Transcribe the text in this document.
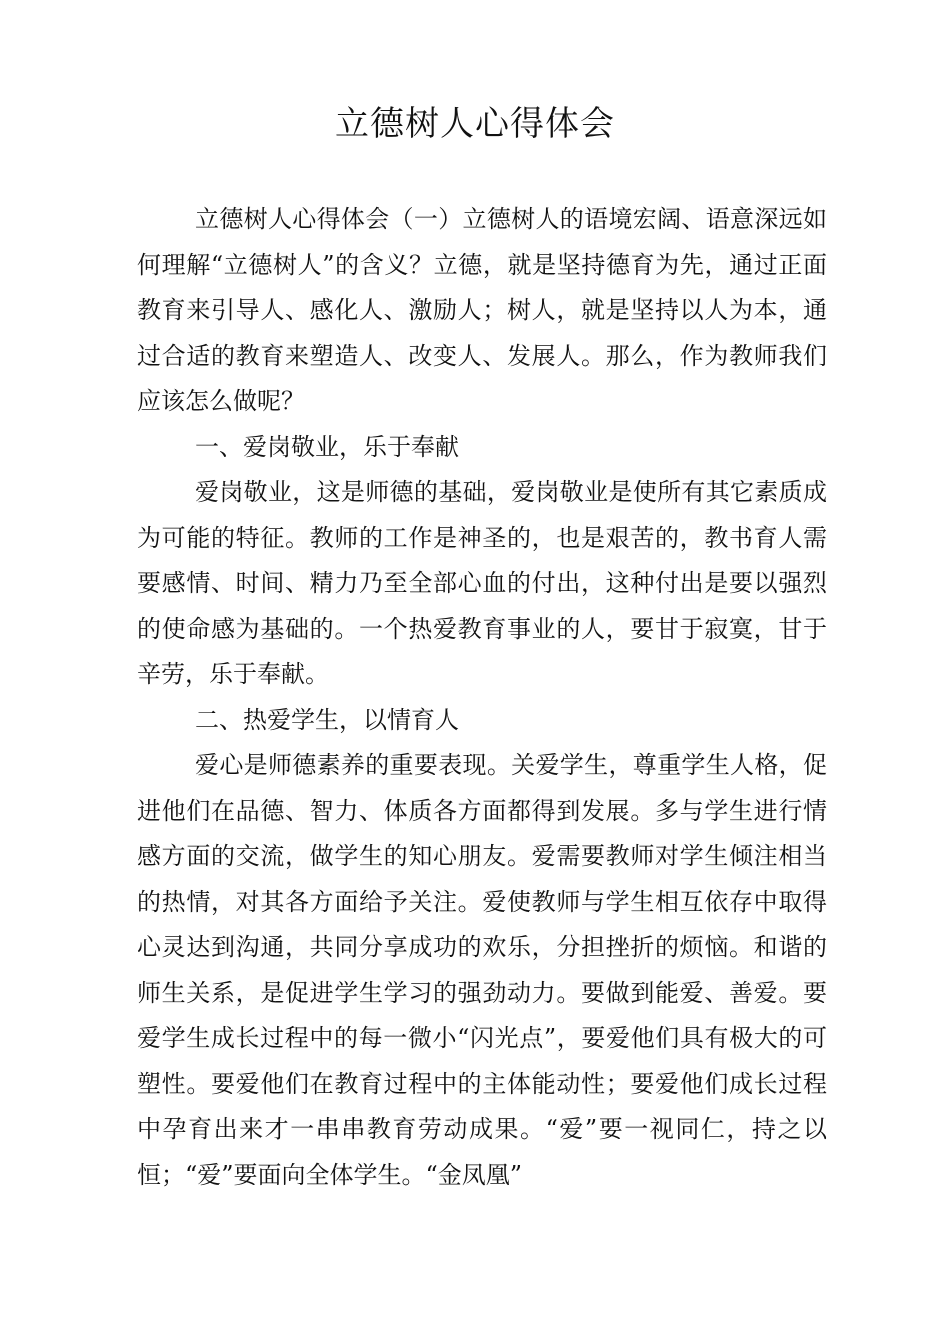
立德树人心得体会

立德树人心得体会（一）立德树人的语境宏阔、语意深远如何理解“立德树人”的含义？立德，就是坚持德育为先，通过正面教育来引导人、感化人、激励人；树人，就是坚持以人为本，通过合适的教育来塑造人、改变人、发展人。那么，作为教师我们应该怎么做呢？

一、爱岗敬业，乐于奉献

爱岗敬业，这是师德的基础，爱岗敬业是使所有其它素质成为可能的特征。教师的工作是神圣的，也是艰苦的，教书育人需要感情、时间、精力乃至全部心血的付出，这种付出是要以强烈的使命感为基础的。一个热爱教育事业的人，要甘于寂寞，甘于辛劳，乐于奉献。

二、热爱学生，以情育人

爱心是师德素养的重要表现。关爱学生，尊重学生人格，促进他们在品德、智力、体质各方面都得到发展。多与学生进行情感方面的交流，做学生的知心朋友。爱需要教师对学生倾注相当的热情，对其各方面给予关注。爱使教师与学生相互依存中取得心灵达到沟通，共同分享成功的欢乐，分担挫折的烦恼。和谐的师生关系，是促进学生学习的强劲动力。要做到能爱、善爱。要爱学生成长过程中的每一微小“闪光点”，要爱他们具有极大的可塑性。要爱他们在教育过程中的主体能动性；要爱他们成长过程中孕育出来才一串串教育劳动成果。“爱”要一视同仁，持之以恒；“爱”要面向全体学生。“金凤凰”
